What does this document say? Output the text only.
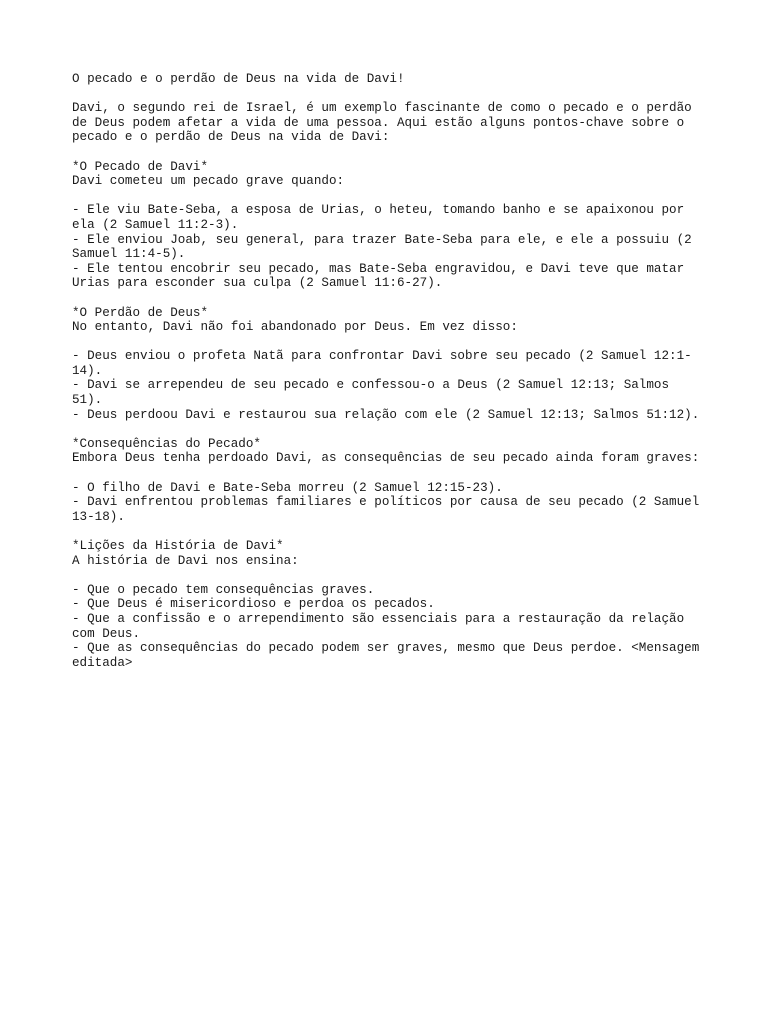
O pecado e o perdão de Deus na vida de Davi!
Davi, o segundo rei de Israel, é um exemplo fascinante de como o pecado e o perdão
de Deus podem afetar a vida de uma pessoa. Aqui estão alguns pontos-chave sobre o
pecado e o perdão de Deus na vida de Davi:
*O Pecado de Davi*
Davi cometeu um pecado grave quando:
- Ele viu Bate-Seba, a esposa de Urias, o heteu, tomando banho e se apaixonou por
ela (2 Samuel 11:2-3).
- Ele enviou Joab, seu general, para trazer Bate-Seba para ele, e ele a possuiu (2
Samuel 11:4-5).
- Ele tentou encobrir seu pecado, mas Bate-Seba engravidou, e Davi teve que matar
Urias para esconder sua culpa (2 Samuel 11:6-27).
*O Perdão de Deus*
No entanto, Davi não foi abandonado por Deus. Em vez disso:
- Deus enviou o profeta Natã para confrontar Davi sobre seu pecado (2 Samuel 12:1-
14).
- Davi se arrependeu de seu pecado e confessou-o a Deus (2 Samuel 12:13; Salmos
51).
- Deus perdoou Davi e restaurou sua relação com ele (2 Samuel 12:13; Salmos 51:12).
*Consequências do Pecado*
Embora Deus tenha perdoado Davi, as consequências de seu pecado ainda foram graves:
- O filho de Davi e Bate-Seba morreu (2 Samuel 12:15-23).
- Davi enfrentou problemas familiares e políticos por causa de seu pecado (2 Samuel
13-18).
*Lições da História de Davi*
A história de Davi nos ensina:
- Que o pecado tem consequências graves.
- Que Deus é misericordioso e perdoa os pecados.
- Que a confissão e o arrependimento são essenciais para a restauração da relação
com Deus.
- Que as consequências do pecado podem ser graves, mesmo que Deus perdoe. <Mensagem
editada>
